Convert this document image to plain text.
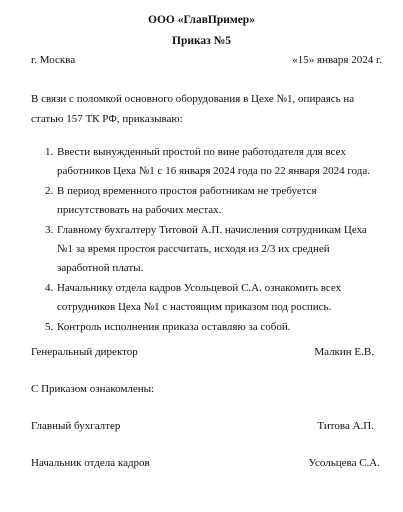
ООО «ГлавПример»
Приказ №5
г. Москва	«15» января 2024 г.
В связи с поломкой основного оборудования в Цехе №1, опираясь на статью 157 ТК РФ, приказываю:
1. Ввести вынужденный простой по вине работодателя для всех работников Цеха №1 с 16 января 2024 года по 22 января 2024 года.
2. В период временного простоя работникам не требуется присутствовать на рабочих местах.
3. Главному бухгалтеру Титовой А.П. начисления сотрудникам Цеха №1 за время простоя рассчитать, исходя из 2/3 их средней заработной платы.
4. Начальнику отдела кадров Усольцевой С.А. ознакомить всех сотрудников Цеха №1 с настоящим приказом под роспись.
5. Контроль исполнения приказа оставляю за собой.
Генеральный директор	Малкин Е.В.
С Приказом ознакомлены:
Главный бухгалтер	Титова А.П.
Начальник отдела кадров	Усольцева С.А.
